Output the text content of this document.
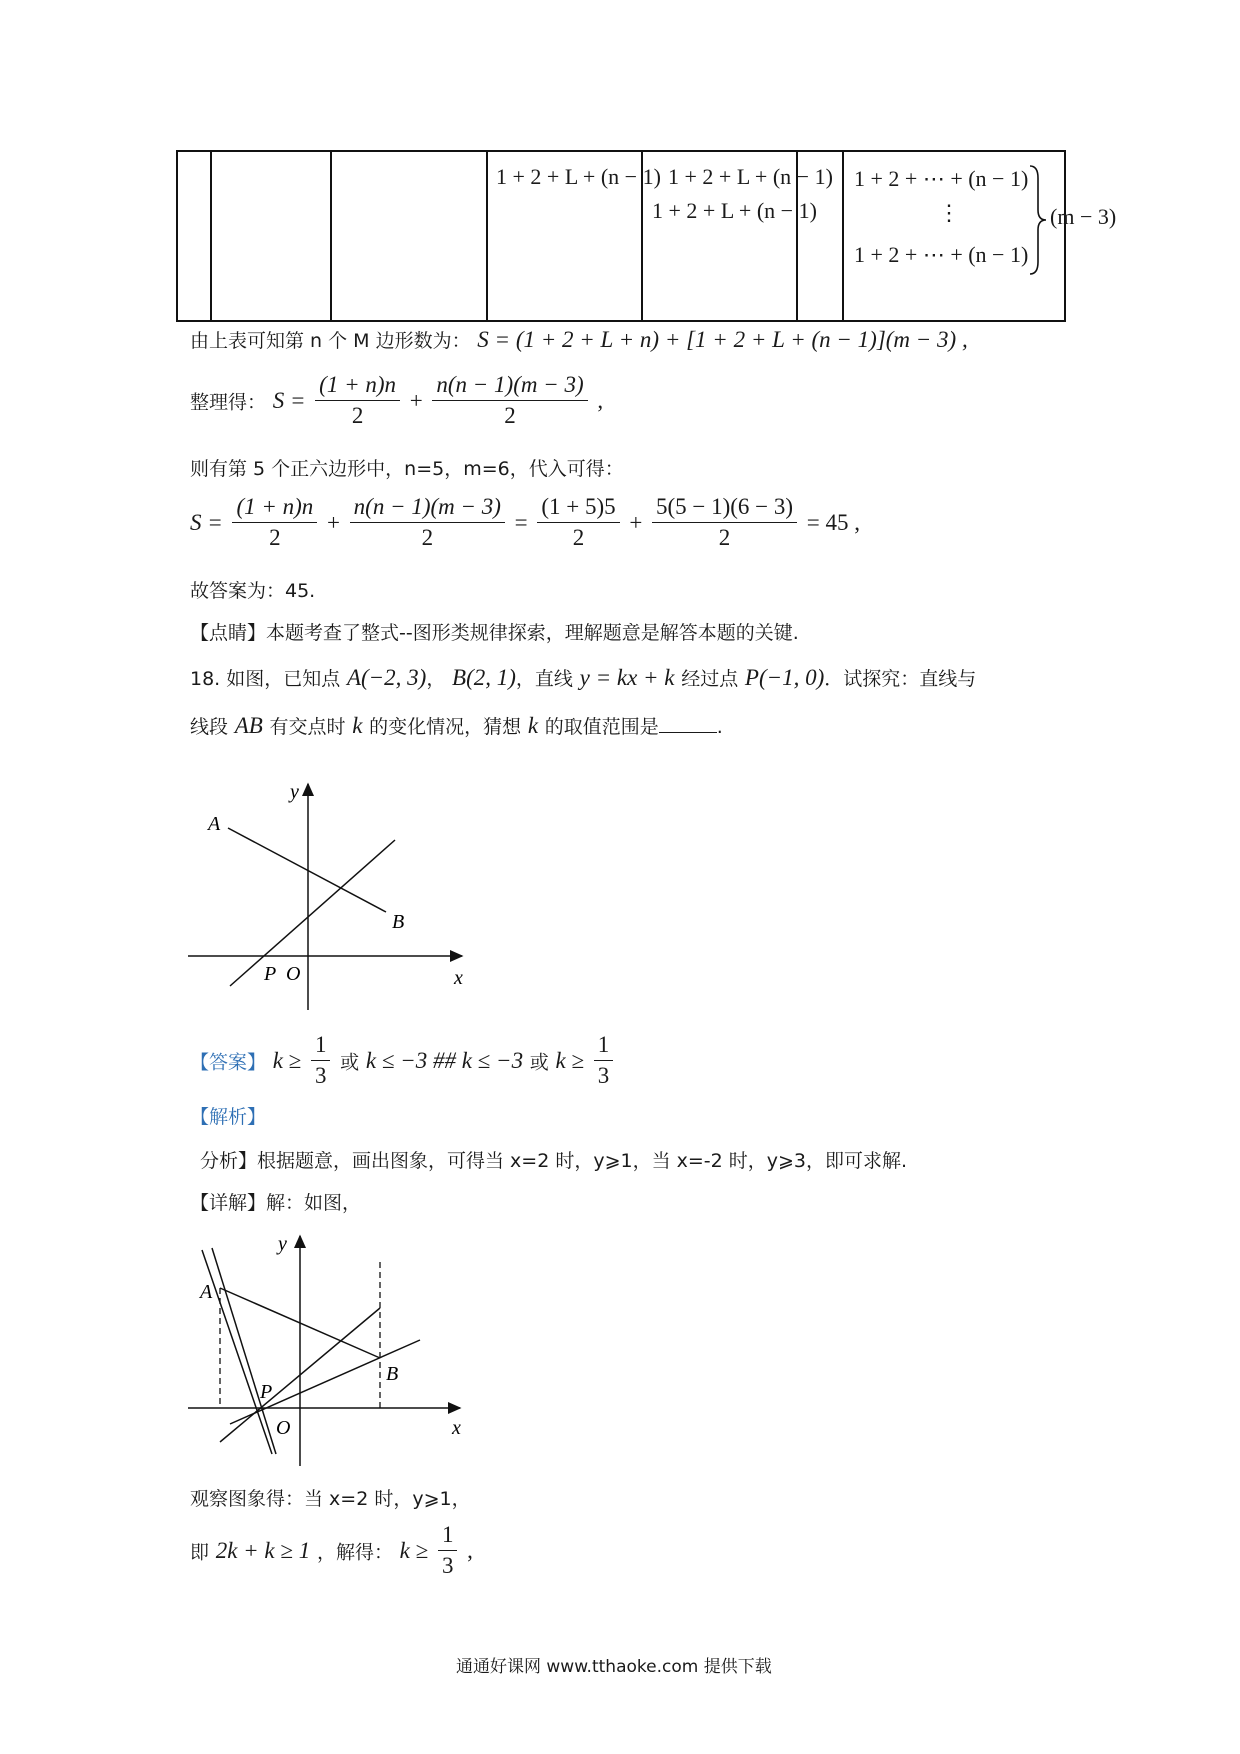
1 + 2 + L + (n − 1) 1 + 2 + L + (n − 1)
1 + 2 + L + (n − 1)
1 + 2 + ⋯ + (n − 1)
⋮
1 + 2 + ⋯ + (n − 1)
(m − 3)
由上表可知第 n 个 M 边形数为： S = (1 + 2 + L + n) + [1 + 2 + L + (n − 1)](m − 3) ,
整理得： $S = \frac{(1 + n)n}{2} + \frac{n(n - 1)(m - 3)}{2}$ ,
则有第 5 个正六边形中，n=5，m=6，代入可得：
$S = \frac{(1 + n)n}{2} + \frac{n(n - 1)(m - 3)}{2} = \frac{(1 + 5)5}{2} + \frac{5(5 - 1)(6 - 3)}{2} = 45$ ,
故答案为：45.
【点睛】本题考查了整式--图形类规律探索，理解题意是解答本题的关键.
18. 如图，已知点 A(−2, 3)， B(2, 1)，直线 y = kx + k 经过点 P(−1, 0)．试探究：直线与
线段 AB 有交点时 k 的变化情况，猜想 k 的取值范围是	.
y
x
A
B
P O
【答案】 $k \ge \frac{1}{3}$ 或 k ≤ −3 ## k ≤ −3 或 $k \ge \frac{1}{3}$
【解析】
分析】根据题意，画出图象，可得当 x=2 时，y⩾1，当 x=-2 时，y⩾3，即可求解.
【详解】解：如图，
y
x
A
B
P
O
观察图象得：当 x=2 时，y⩾1，
即 2k + k ≥ 1 ，解得： $k \ge \frac{1}{3}$ ,
通通好课网 www.tthaoke.com 提供下载
